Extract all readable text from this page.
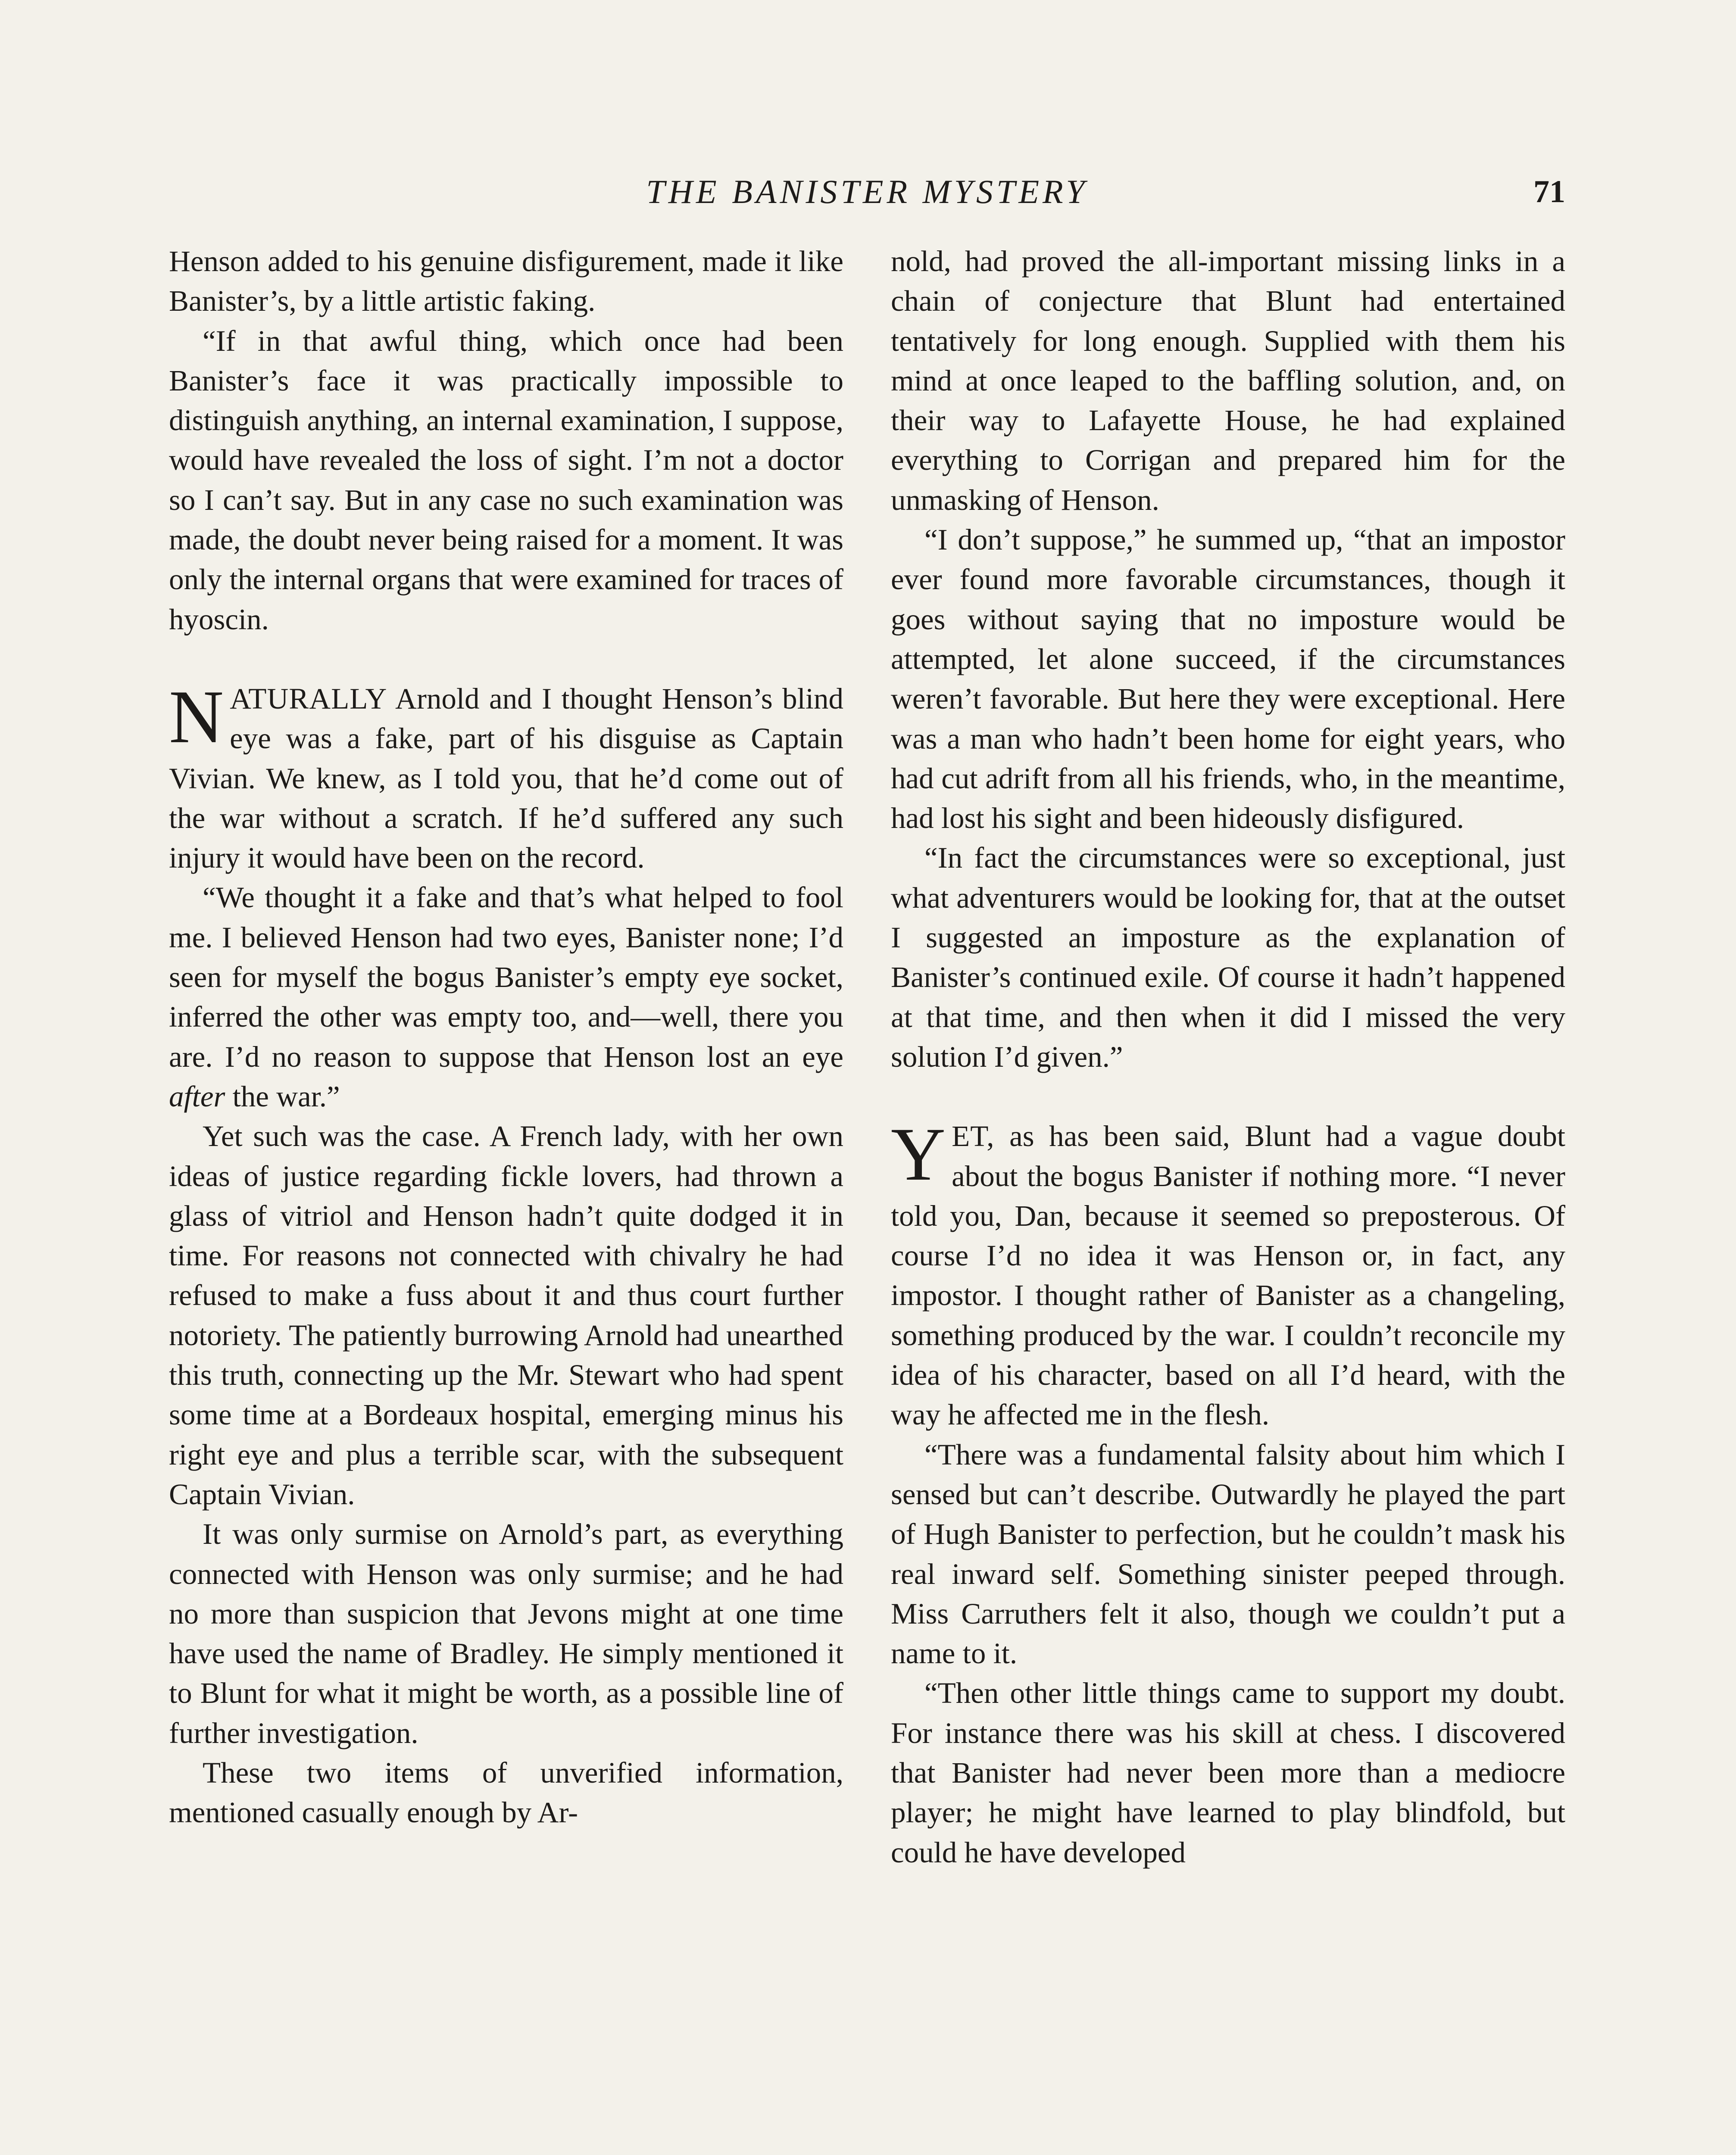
THE BANISTER MYSTERY	71

Henson added to his genuine disfigurement, made it like Banister’s, by a little artistic faking.

“If in that awful thing, which once had been Banister’s face it was practically impossible to distinguish anything, an internal examination, I suppose, would have revealed the loss of sight. I’m not a doctor so I can’t say. But in any case no such examination was made, the doubt never being raised for a moment. It was only the internal organs that were examined for traces of hyoscin.

NATURALLY Arnold and I thought Henson’s blind eye was a fake, part of his disguise as Captain Vivian. We knew, as I told you, that he’d come out of the war without a scratch. If he’d suffered any such injury it would have been on the record.

“We thought it a fake and that’s what helped to fool me. I believed Henson had two eyes, Banister none; I’d seen for myself the bogus Banister’s empty eye socket, inferred the other was empty too, and—well, there you are. I’d no reason to suppose that Henson lost an eye after the war.”

Yet such was the case. A French lady, with her own ideas of justice regarding fickle lovers, had thrown a glass of vitriol and Henson hadn’t quite dodged it in time. For reasons not connected with chivalry he had refused to make a fuss about it and thus court further notoriety. The patiently burrowing Arnold had unearthed this truth, connecting up the Mr. Stewart who had spent some time at a Bordeaux hospital, emerging minus his right eye and plus a terrible scar, with the subsequent Captain Vivian.

It was only surmise on Arnold’s part, as everything connected with Henson was only surmise; and he had no more than suspicion that Jevons might at one time have used the name of Bradley. He simply mentioned it to Blunt for what it might be worth, as a possible line of further investigation.

These two items of unverified information, mentioned casually enough by Ar-

nold, had proved the all-important missing links in a chain of conjecture that Blunt had entertained tentatively for long enough. Supplied with them his mind at once leaped to the baffling solution, and, on their way to Lafayette House, he had explained everything to Corrigan and prepared him for the unmasking of Henson.

“I don’t suppose,” he summed up, “that an impostor ever found more favorable circumstances, though it goes without saying that no imposture would be attempted, let alone succeed, if the circumstances weren’t favorable. But here they were exceptional. Here was a man who hadn’t been home for eight years, who had cut adrift from all his friends, who, in the meantime, had lost his sight and been hideously disfigured.

“In fact the circumstances were so exceptional, just what adventurers would be looking for, that at the outset I suggested an imposture as the explanation of Banister’s continued exile. Of course it hadn’t happened at that time, and then when it did I missed the very solution I’d given.”

YET, as has been said, Blunt had a vague doubt about the bogus Banister if nothing more. “I never told you, Dan, because it seemed so preposterous. Of course I’d no idea it was Henson or, in fact, any impostor. I thought rather of Banister as a changeling, something produced by the war. I couldn’t reconcile my idea of his character, based on all I’d heard, with the way he affected me in the flesh.

“There was a fundamental falsity about him which I sensed but can’t describe. Outwardly he played the part of Hugh Banister to perfection, but he couldn’t mask his real inward self. Something sinister peeped through. Miss Carruthers felt it also, though we couldn’t put a name to it.

“Then other little things came to support my doubt. For instance there was his skill at chess. I discovered that Banister had never been more than a mediocre player; he might have learned to play blindfold, but could he have developed
